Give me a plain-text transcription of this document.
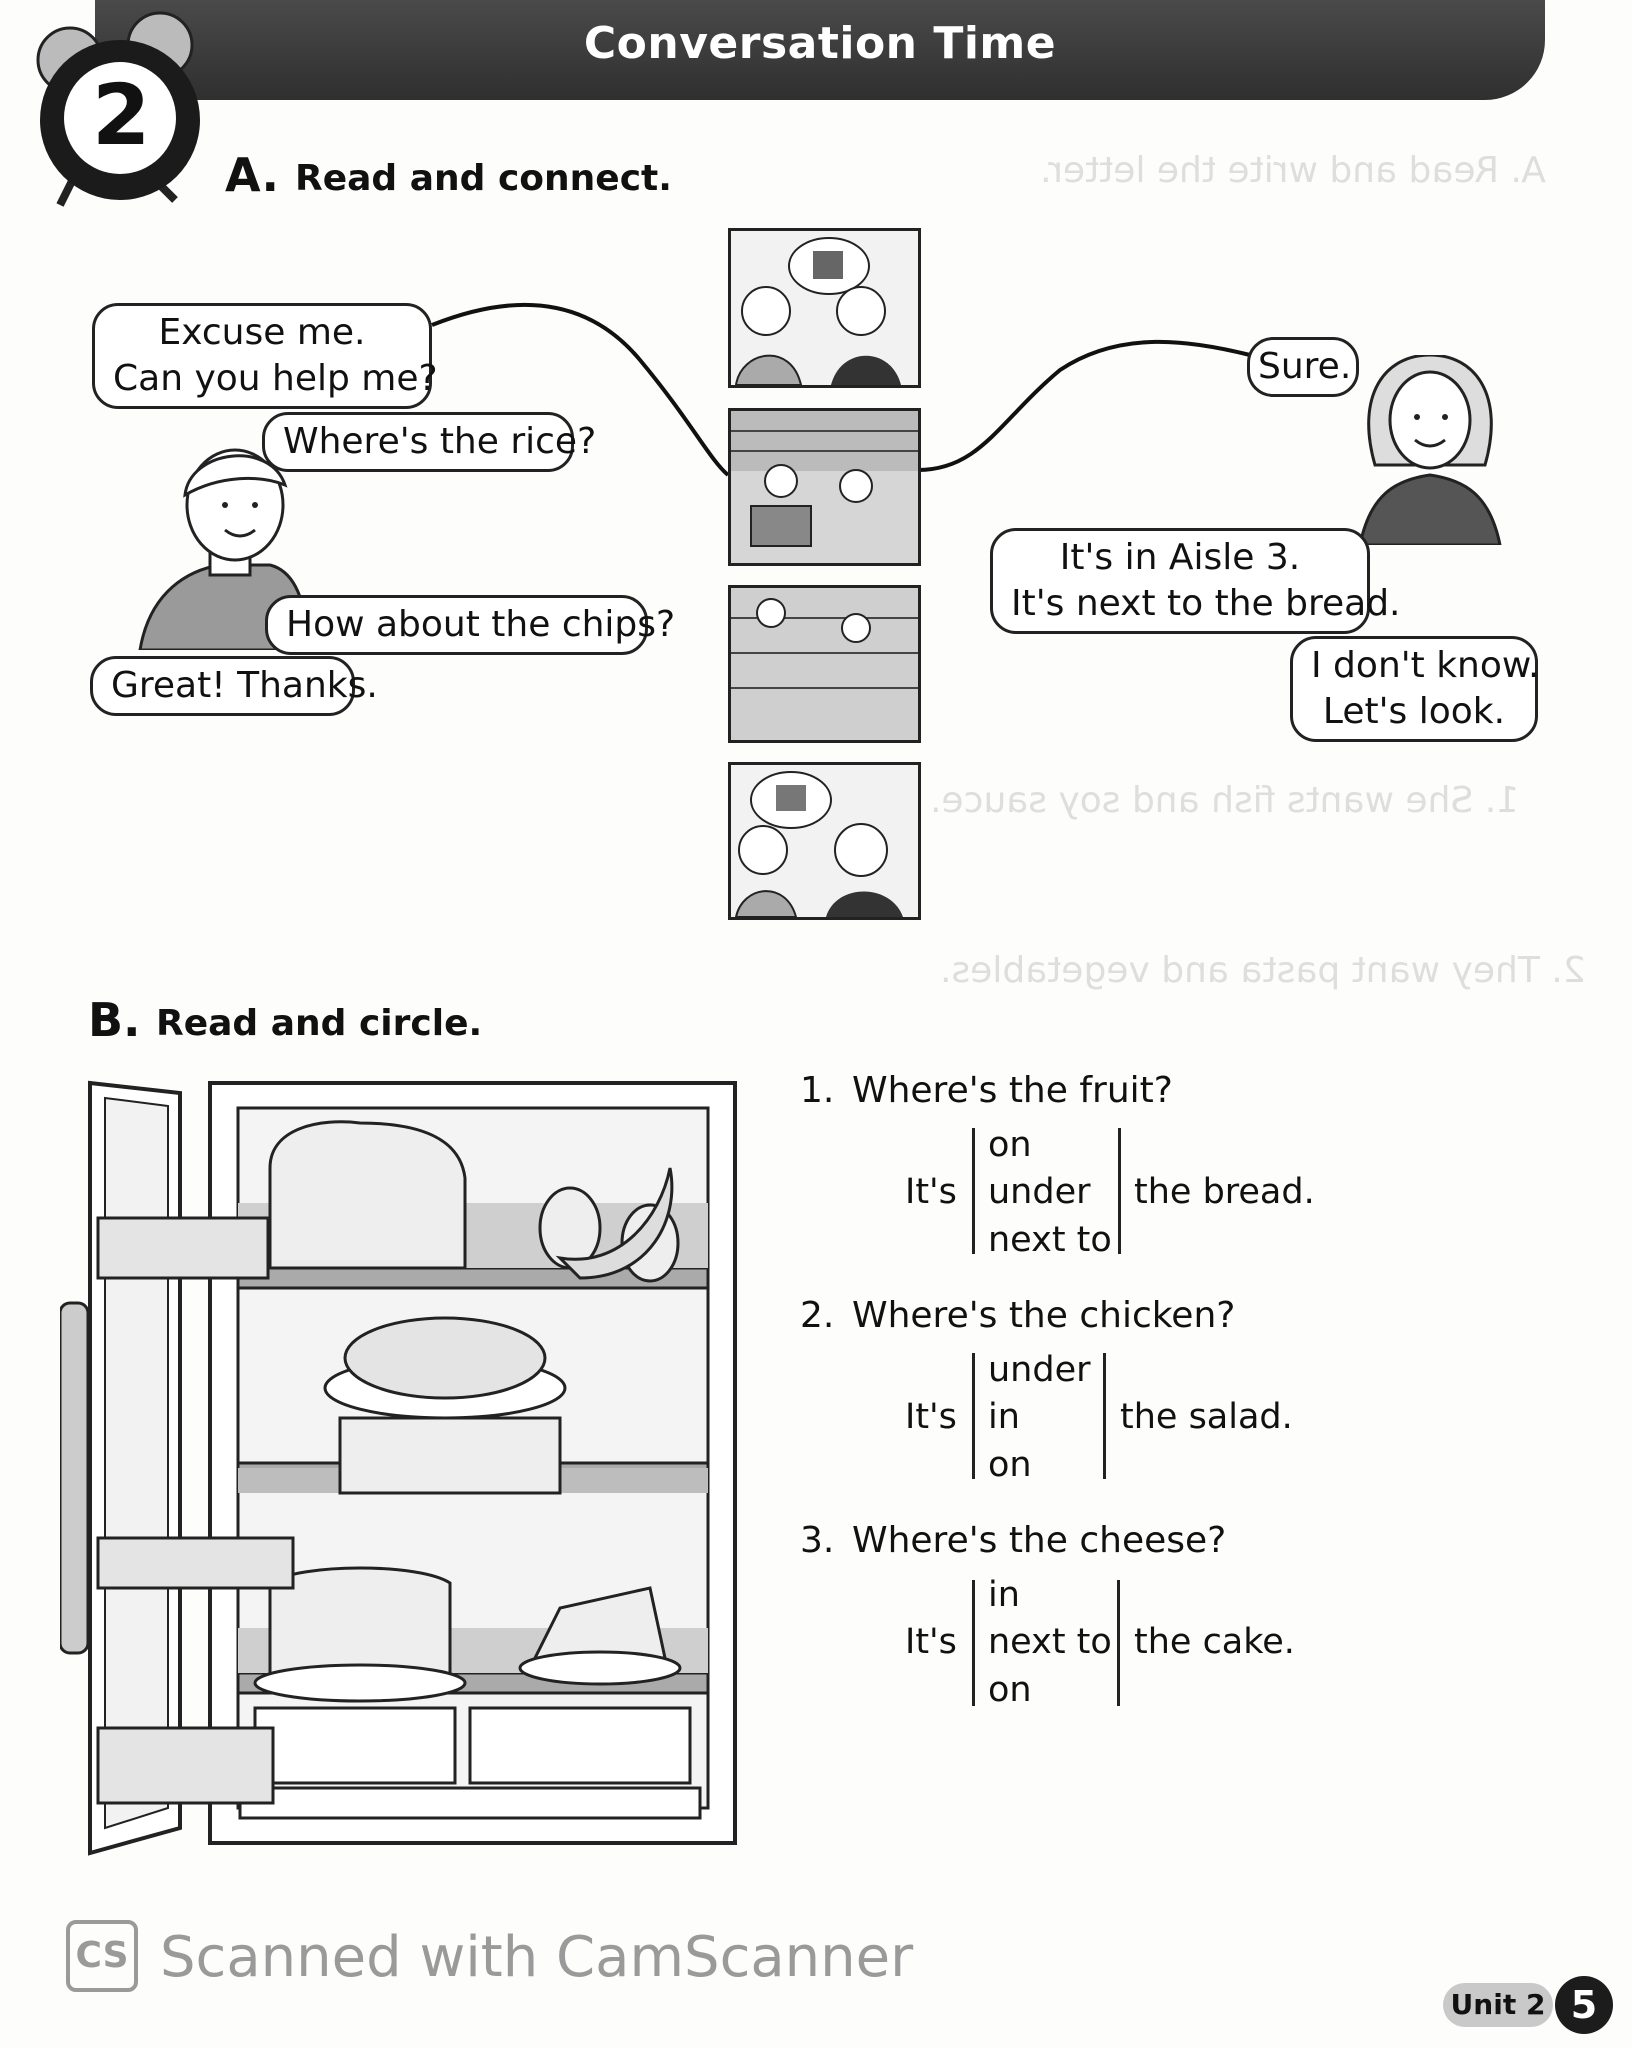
A. Read and write the letter.
1. She wants fish and soy sauce.
2. They want pasta and vegetables.
Conversation Time
2
A. Read and connect.
Excuse me.
Can you help me?
Where's the rice?
How about the chips?
Great! Thanks.
Sure.
It's in Aisle 3.
It's next to the bread.
I don't know.
Let's look.
B. Read and circle.
1. Where's the fruit?
It's
on
under
next to
the bread.
2. Where's the chicken?
It's
under
in
on
the salad.
3. Where's the cheese?
It's
in
next to
on
the cake.
CS Scanned with CamScanner
Unit 2 5
